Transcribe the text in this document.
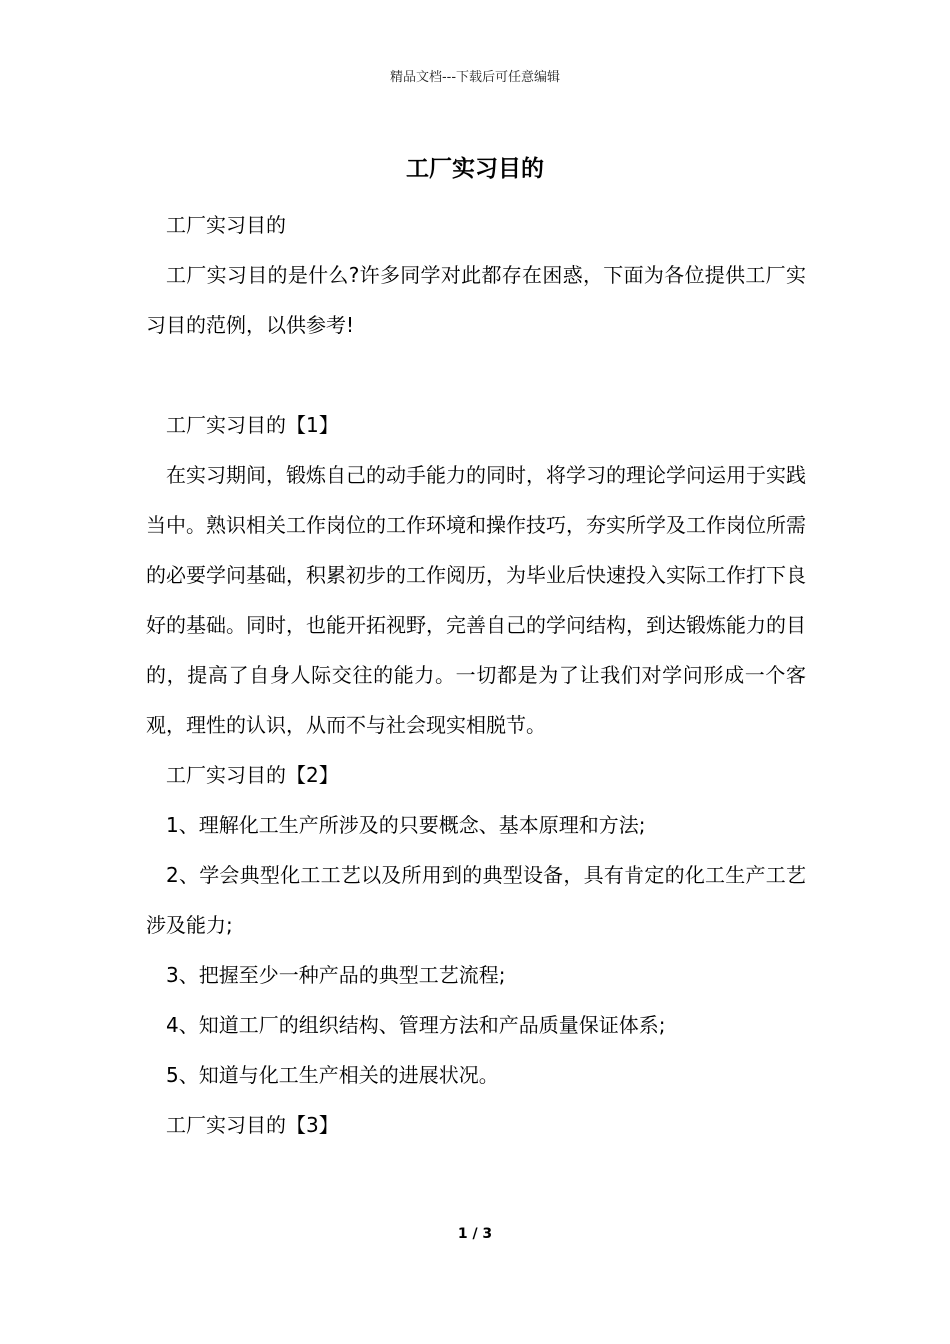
精品文档---下载后可任意编辑
工厂实习目的

工厂实习目的

工厂实习目的是什么?许多同学对此都存在困惑，下面为各位提供工厂实习目的范例，以供参考!

工厂实习目的【1】

在实习期间，锻炼自己的动手能力的同时，将学习的理论学问运用于实践当中。熟识相关工作岗位的工作环境和操作技巧，夯实所学及工作岗位所需的必要学问基础，积累初步的工作阅历，为毕业后快速投入实际工作打下良好的基础。同时，也能开拓视野，完善自己的学问结构，到达锻炼能力的目的，提高了自身人际交往的能力。一切都是为了让我们对学问形成一个客观，理性的认识，从而不与社会现实相脱节。

工厂实习目的【2】

1、理解化工生产所涉及的只要概念、基本原理和方法;

2、学会典型化工工艺以及所用到的典型设备，具有肯定的化工生产工艺涉及能力;

3、把握至少一种产品的典型工艺流程;

4、知道工厂的组织结构、管理方法和产品质量保证体系;

5、知道与化工生产相关的进展状况。

工厂实习目的【3】

1 / 3
